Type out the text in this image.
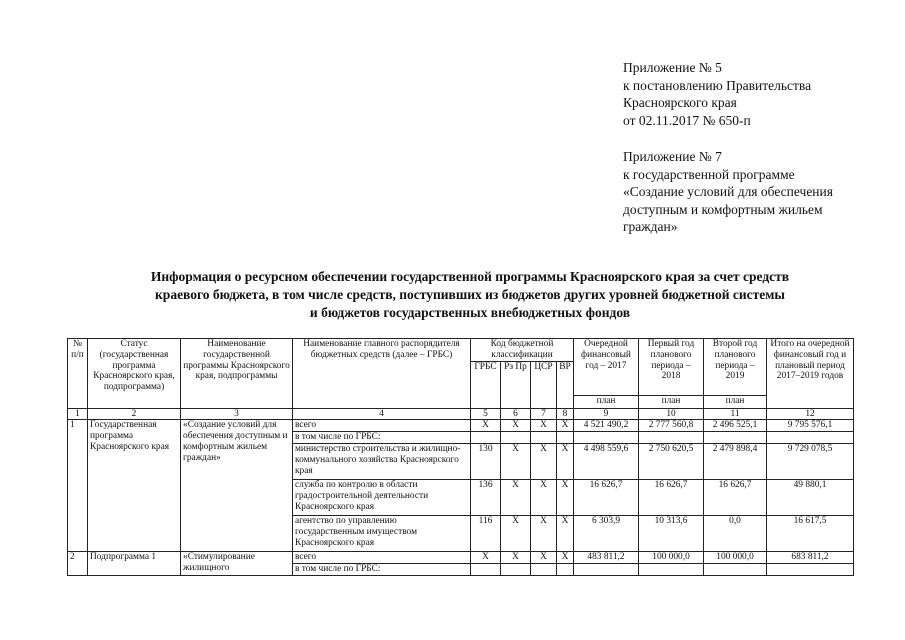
Приложение № 5
к постановлению Правительства
Красноярского края
от 02.11.2017 № 650-п
Приложение № 7
к государственной программе
«Создание условий для обеспечения
доступным и комфортным жильем
граждан»
Информация о ресурсном обеспечении государственной программы Красноярского края за счет средств
краевого бюджета, в том числе средств, поступивших из бюджетов других уровней бюджетной системы
и бюджетов государственных внебюджетных фондов
№ п/п	Статус (государственная программа Красноярского края, подпрограмма)	Наименование государственной программы Красноярского края, подпрограммы	Наименование главного распорядителя бюджетных средств (далее – ГРБС)	Код бюджетной классификации				Очередной финансовый год – 2017	Первый год планового периода – 2018	Второй год планового периода – 2019	Итого на очередной финансовый год и плановый период 2017–2019 годов
				ГРБС	Рз Пр	ЦСР	ВР				
								план	план	план	
1	2	3	4	5	6	7	8	9	10	11	12
1	Государственная программа Красноярского края	«Создание условий для обеспечения доступным и комфортным жильем граждан»	всего	Х	Х	Х	Х	4 521 490,2	2 777 560,8	2 496 525,1	9 795 576,1
			в том числе по ГРБС:								
			министерство строительства и жилищно-коммунального хозяйства Красноярского края	130	Х	Х	Х	4 498 559,6	2 750 620,5	2 479 898,4	9 729 078,5
			служба по контролю в области градостроительной деятельности Красноярского края	136	Х	Х	Х	16 626,7	16 626,7	16 626,7	49 880,1
			агентство по управлению государственным имуществом Красноярского края	116	Х	Х	Х	6 303,9	10 313,6	0,0	16 617,5
2	Подпрограмма 1	«Стимулирование жилищного	всего	Х	Х	Х	Х	483 811,2	100 000,0	100 000,0	683 811,2
			в том числе по ГРБС:								
